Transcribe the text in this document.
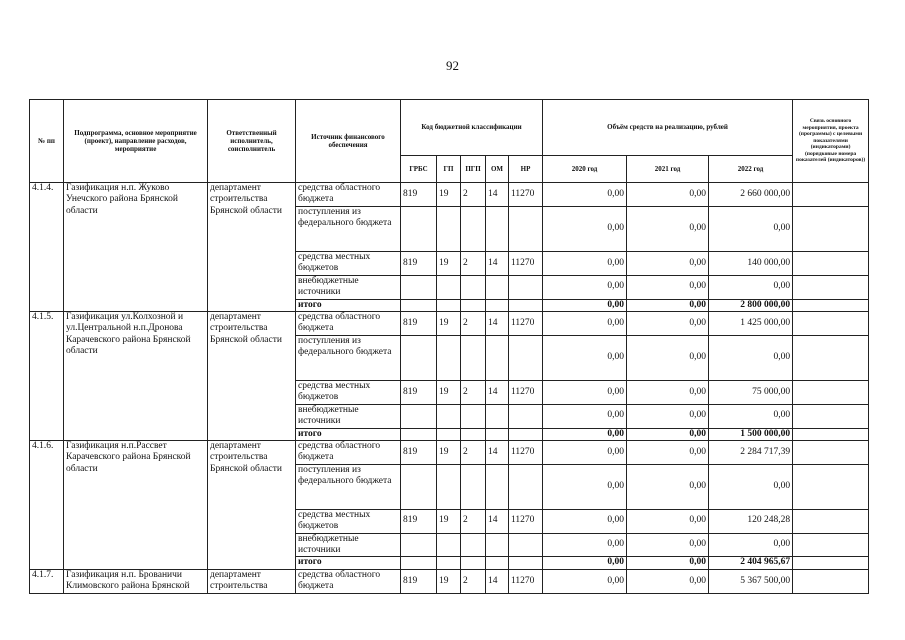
92
№ пп	Подпрограмма, основное мероприятие (проект), направление расходов, мероприятие	Ответственный исполнитель, соисполнитель	Источник финансового обеспечения	Код бюджетной классификации					Объём средств на реализацию, рублей			Связь основного мероприятия, проекта (программы) с целевыми показателями (индикаторами) (порядковые номера показателей (индикаторов))
				ГРБС	ГП	ПГП	ОМ	НР	2020 год	2021 год	2022 год	
4.1.4.	Газификация н.п. Жуково Унечского района Брянской области	департамент строительства Брянской области	средства областного бюджета	819	19	2	14	11270	0,00	0,00	2 660 000,00	
			поступления из федерального бюджета						0,00	0,00	0,00	
			средства местных бюджетов	819	19	2	14	11270	0,00	0,00	140 000,00	
			внебюджетные источники						0,00	0,00	0,00	
			итого						0,00	0,00	2 800 000,00	
4.1.5.	Газификация ул.Колхозной и ул.Центральной н.п.Дронова Карачевского района Брянской области	департамент строительства Брянской области	средства областного бюджета	819	19	2	14	11270	0,00	0,00	1 425 000,00	
			поступления из федерального бюджета						0,00	0,00	0,00	
			средства местных бюджетов	819	19	2	14	11270	0,00	0,00	75 000,00	
			внебюджетные источники						0,00	0,00	0,00	
			итого						0,00	0,00	1 500 000,00	
4.1.6.	Газификация н.п.Рассвет Карачевского района Брянской области	департамент строительства Брянской области	средства областного бюджета	819	19	2	14	11270	0,00	0,00	2 284 717,39	
			поступления из федерального бюджета						0,00	0,00	0,00	
			средства местных бюджетов	819	19	2	14	11270	0,00	0,00	120 248,28	
			внебюджетные источники						0,00	0,00	0,00	
			итого						0,00	0,00	2 404 965,67	
4.1.7.	Газификация н.п. Брованичи Климовского района Брянской	департамент строительства	средства областного бюджета	819	19	2	14	11270	0,00	0,00	5 367 500,00	
